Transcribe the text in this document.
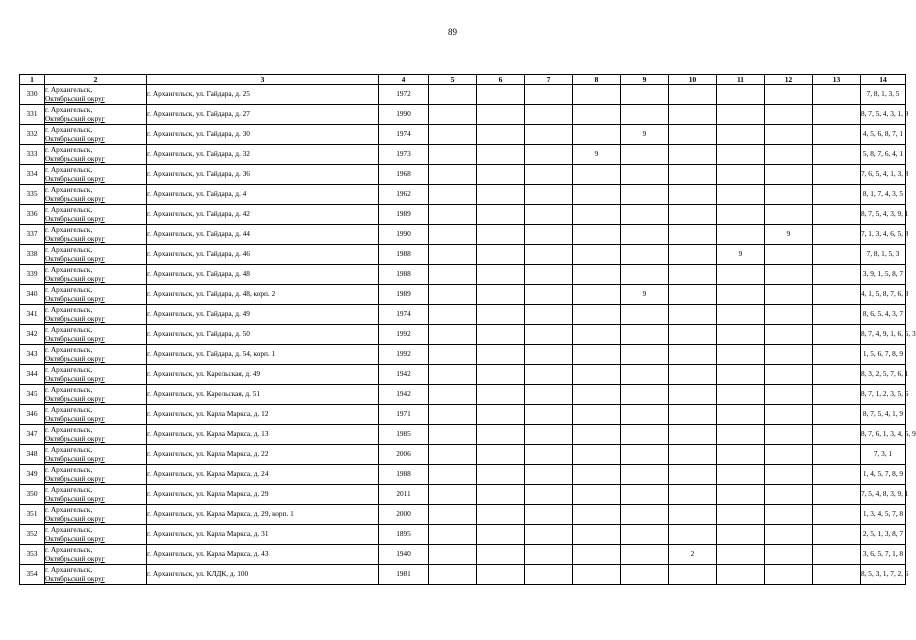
89
1	2	3	4	5	6	7	8	9	10	11	12	13	14
330	г. Архангельск,
Октябрьский округ	г. Архангельск, ул. Гайдара, д. 25	1972										7, 8, 1, 3, 5
331	г. Архангельск,
Октябрьский округ	г. Архангельск, ул. Гайдара, д. 27	1990										8, 7, 5, 4, 3, 1, 9
332	г. Архангельск,
Октябрьский округ	г. Архангельск, ул. Гайдара, д. 30	1974					9					4, 5, 6, 8, 7, 1
333	г. Архангельск,
Октябрьский округ	г. Архангельск, ул. Гайдара, д. 32	1973				9						5, 8, 7, 6, 4, 1
334	г. Архангельск,
Октябрьский округ	г. Архангельск, ул. Гайдара, д. 36	1968										7, 6, 5, 4, 1, 3, 8
335	г. Архангельск,
Октябрьский округ	г. Архангельск, ул. Гайдара, д. 4	1962										8, 1, 7, 4, 3, 5
336	г. Архангельск,
Октябрьский округ	г. Архангельск, ул. Гайдара, д. 42	1989										8, 7, 5, 4, 3, 9, 1
337	г. Архангельск,
Октябрьский округ	г. Архангельск, ул. Гайдара, д. 44	1990								9		7, 1, 3, 4, 6, 5, 8
338	г. Архангельск,
Октябрьский округ	г. Архангельск, ул. Гайдара, д. 46	1988							9			7, 8, 1, 5, 3
339	г. Архангельск,
Октябрьский округ	г. Архангельск, ул. Гайдара, д. 48	1988										3, 9, 1, 5, 8, 7
340	г. Архангельск,
Октябрьский округ	г. Архангельск, ул. Гайдара, д. 48, корп. 2	1989					9					4, 1, 5, 8, 7, 6, 3
341	г. Архангельск,
Октябрьский округ	г. Архангельск, ул. Гайдара, д. 49	1974										8, 6, 5, 4, 3, 7
342	г. Архангельск,
Октябрьский округ	г. Архангельск, ул. Гайдара, д. 50	1992										8, 7, 4, 9, 1, 6, 5, 3
343	г. Архангельск,
Октябрьский округ	г. Архангельск, ул. Гайдара, д. 54, корп. 1	1992										1, 5, 6, 7, 8, 9
344	г. Архангельск,
Октябрьский округ	г. Архангельск, ул. Карельская, д. 49	1942										8, 3, 2, 5, 7, 6, 1
345	г. Архангельск,
Октябрьский округ	г. Архангельск, ул. Карельская, д. 51	1942										8, 7, 1, 2, 3, 5, 6
346	г. Архангельск,
Октябрьский округ	г. Архангельск, ул. Карла Маркса, д. 12	1971										8, 7, 5, 4, 1, 9
347	г. Архангельск,
Октябрьский округ	г. Архангельск, ул. Карла Маркса, д. 13	1985										8, 7, 6, 1, 3, 4, 5, 9
348	г. Архангельск,
Октябрьский округ	г. Архангельск, ул. Карла Маркса, д. 22	2006										7, 3, 1
349	г. Архангельск,
Октябрьский округ	г. Архангельск, ул. Карла Маркса, д. 24	1988										1, 4, 5, 7, 8, 9
350	г. Архангельск,
Октябрьский округ	г. Архангельск, ул. Карла Маркса, д. 29	2011										7, 5, 4, 8, 3, 9, 1
351	г. Архангельск,
Октябрьский округ	г. Архангельск, ул. Карла Маркса, д. 29, корп. 1	2000										1, 3, 4, 5, 7, 8
352	г. Архангельск,
Октябрьский округ	г. Архангельск, ул. Карла Маркса, д. 31	1895										2, 5, 1, 3, 8, 7
353	г. Архангельск,
Октябрьский округ	г. Архангельск, ул. Карла Маркса, д. 43	1940						2				3, 6, 5, 7, 1, 8
354	г. Архангельск,
Октябрьский округ	г. Архангельск, ул. КЛДК, д. 100	1981										8, 5, 3, 1, 7, 2, 6
